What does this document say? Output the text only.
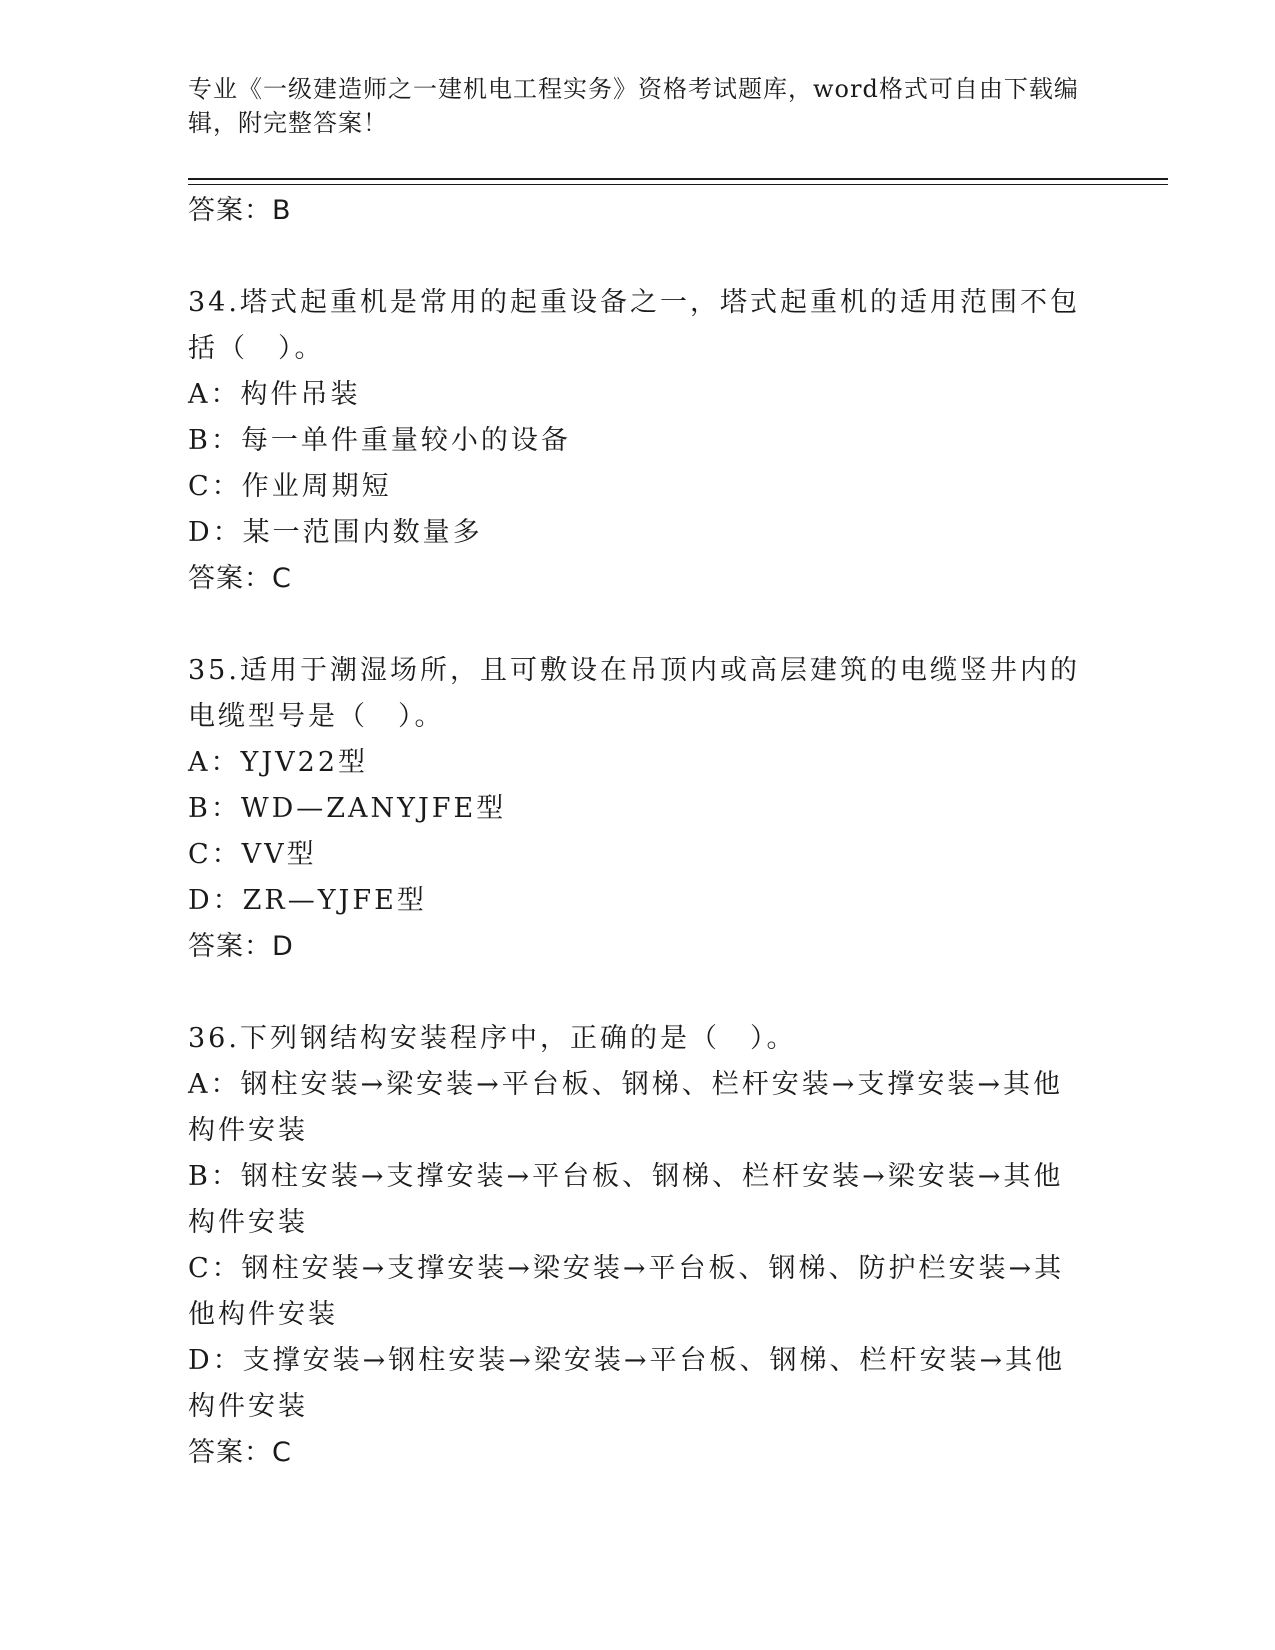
专业《一级建造师之一建机电工程实务》资格考试题库，word格式可自由下载编辑，附完整答案！
答案：B
34.塔式起重机是常用的起重设备之一，塔式起重机的适用范围不包括（　）。
A：构件吊装
B：每一单件重量较小的设备
C：作业周期短
D：某一范围内数量多
答案：C
35.适用于潮湿场所，且可敷设在吊顶内或高层建筑的电缆竖井内的电缆型号是（　）。
A：YJV22型
B：WD—ZANYJFE型
C：VV型
D：ZR—YJFE型
答案：D
36.下列钢结构安装程序中，正确的是（　）。
A：钢柱安装→梁安装→平台板、钢梯、栏杆安装→支撑安装→其他构件安装
B：钢柱安装→支撑安装→平台板、钢梯、栏杆安装→梁安装→其他构件安装
C：钢柱安装→支撑安装→梁安装→平台板、钢梯、防护栏安装→其他构件安装
D：支撑安装→钢柱安装→梁安装→平台板、钢梯、栏杆安装→其他构件安装
答案：C
